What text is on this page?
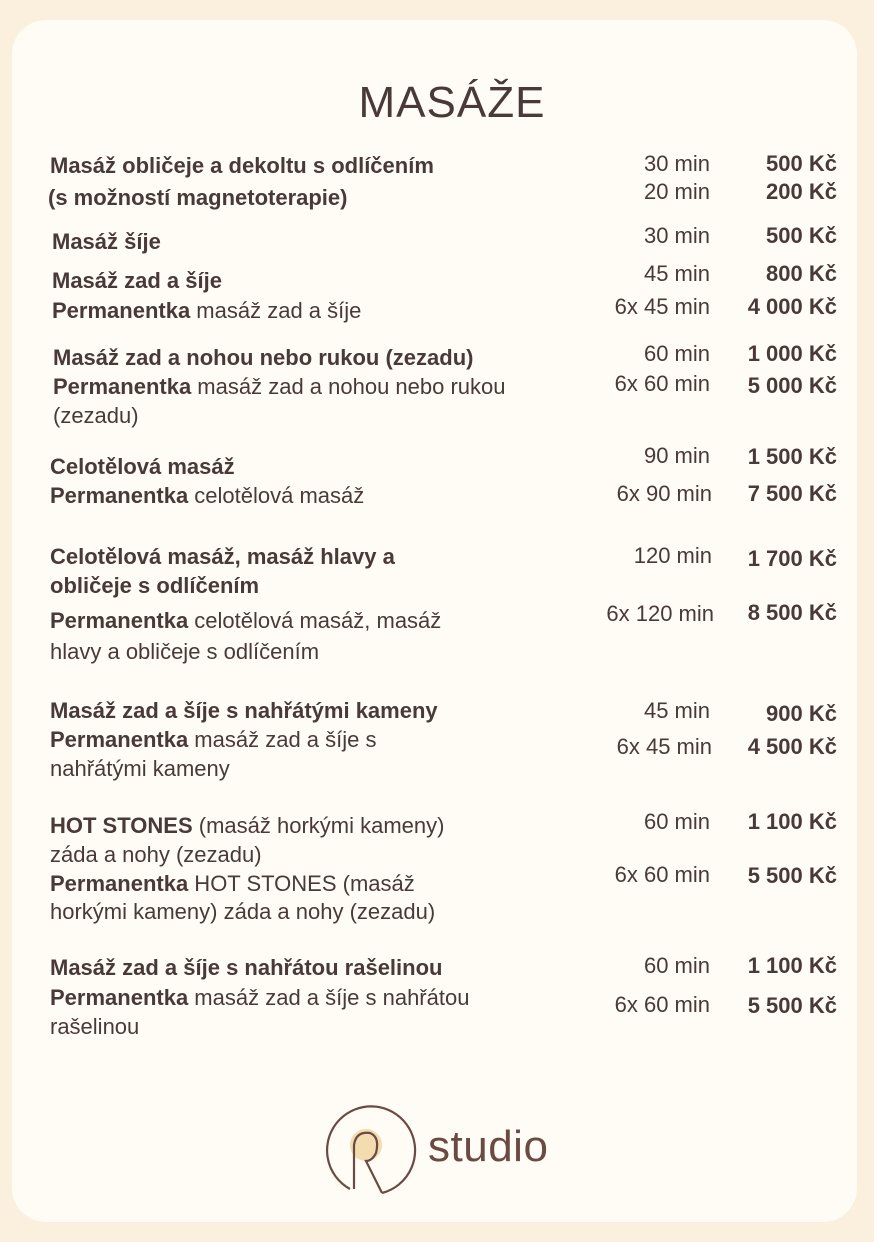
MASÁŽE
Masáž obličeje a dekoltu s odlíčením
(s možností magnetoterapie)
30 min
20 min
500 Kč
200 Kč
Masáž šíje	30 min	500 Kč
Masáž zad a šíje
Permanentka masáž zad a šíje
45 min
6x 45 min
800 Kč
4 000 Kč
Masáž zad a nohou nebo rukou (zezadu)
Permanentka masáž zad a nohou nebo rukou
(zezadu)
60 min
6x 60 min
1 000 Kč
5 000 Kč
Celotělová masáž
Permanentka celotělová masáž
90 min
6x 90 min
1 500 Kč
7 500 Kč
Celotělová masáž, masáž hlavy a
obličeje s odlíčením
Permanentka celotělová masáž, masáž
hlavy a obličeje s odlíčením
120 min
6x 120 min
1 700 Kč
8 500 Kč
Masáž zad a šíje s nahřátými kameny
Permanentka masáž zad a šíje s
nahřátými kameny
45 min
6x 45 min
900 Kč
4 500 Kč
HOT STONES (masáž horkými kameny)
záda a nohy (zezadu)
Permanentka HOT STONES (masáž
horkými kameny) záda a nohy (zezadu)
60 min
6x 60 min
1 100 Kč
5 500 Kč
Masáž zad a šíje s nahřátou rašelinou
Permanentka masáž zad a šíje s nahřátou
rašelinou
60 min
6x 60 min
1 100 Kč
5 500 Kč
studio
